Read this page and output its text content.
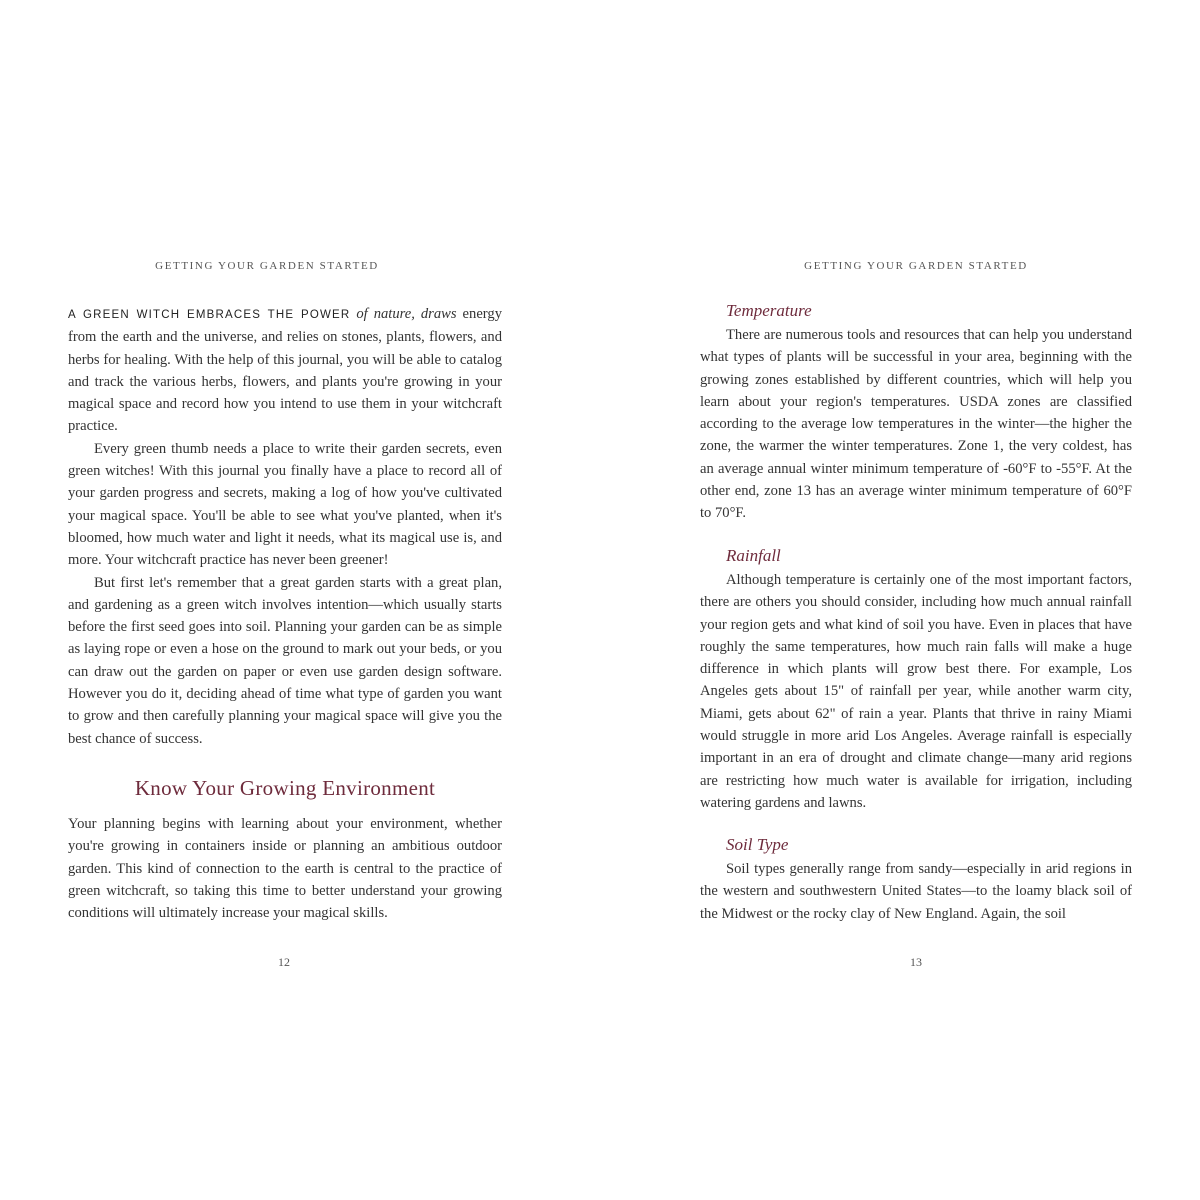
GETTING YOUR GARDEN STARTED

A GREEN WITCH EMBRACES THE POWER of nature, draws energy from the earth and the universe, and relies on stones, plants, flowers, and herbs for healing. With the help of this journal, you will be able to catalog and track the various herbs, flowers, and plants you're growing in your magical space and record how you intend to use them in your witchcraft practice.

Every green thumb needs a place to write their garden secrets, even green witches! With this journal you finally have a place to record all of your garden progress and secrets, making a log of how you've cultivated your magical space. You'll be able to see what you've planted, when it's bloomed, how much water and light it needs, what its magical use is, and more. Your witchcraft practice has never been greener!

But first let's remember that a great garden starts with a great plan, and gardening as a green witch involves intention—which usually starts before the first seed goes into soil. Planning your garden can be as simple as laying rope or even a hose on the ground to mark out your beds, or you can draw out the garden on paper or even use garden design software. However you do it, deciding ahead of time what type of garden you want to grow and then carefully planning your magical space will give you the best chance of success.

Know Your Growing Environment

Your planning begins with learning about your environment, whether you're growing in containers inside or planning an ambitious outdoor garden. This kind of connection to the earth is central to the practice of green witchcraft, so taking this time to better understand your growing conditions will ultimately increase your magical skills.

12
GETTING YOUR GARDEN STARTED
Temperature

There are numerous tools and resources that can help you understand what types of plants will be successful in your area, beginning with the growing zones established by different countries, which will help you learn about your region's temperatures. USDA zones are classified according to the average low temperatures in the winter—the higher the zone, the warmer the winter temperatures. Zone 1, the very coldest, has an average annual winter minimum temperature of -60°F to -55°F. At the other end, zone 13 has an average winter minimum temperature of 60°F to 70°F.

Rainfall

Although temperature is certainly one of the most important factors, there are others you should consider, including how much annual rainfall your region gets and what kind of soil you have. Even in places that have roughly the same temperatures, how much rain falls will make a huge difference in which plants will grow best there. For example, Los Angeles gets about 15" of rainfall per year, while another warm city, Miami, gets about 62" of rain a year. Plants that thrive in rainy Miami would struggle in more arid Los Angeles. Average rainfall is especially important in an era of drought and climate change—many arid regions are restricting how much water is available for irrigation, including watering gardens and lawns.

Soil Type

Soil types generally range from sandy—especially in arid regions in the western and southwestern United States—to the loamy black soil of the Midwest or the rocky clay of New England. Again, the soil

13
